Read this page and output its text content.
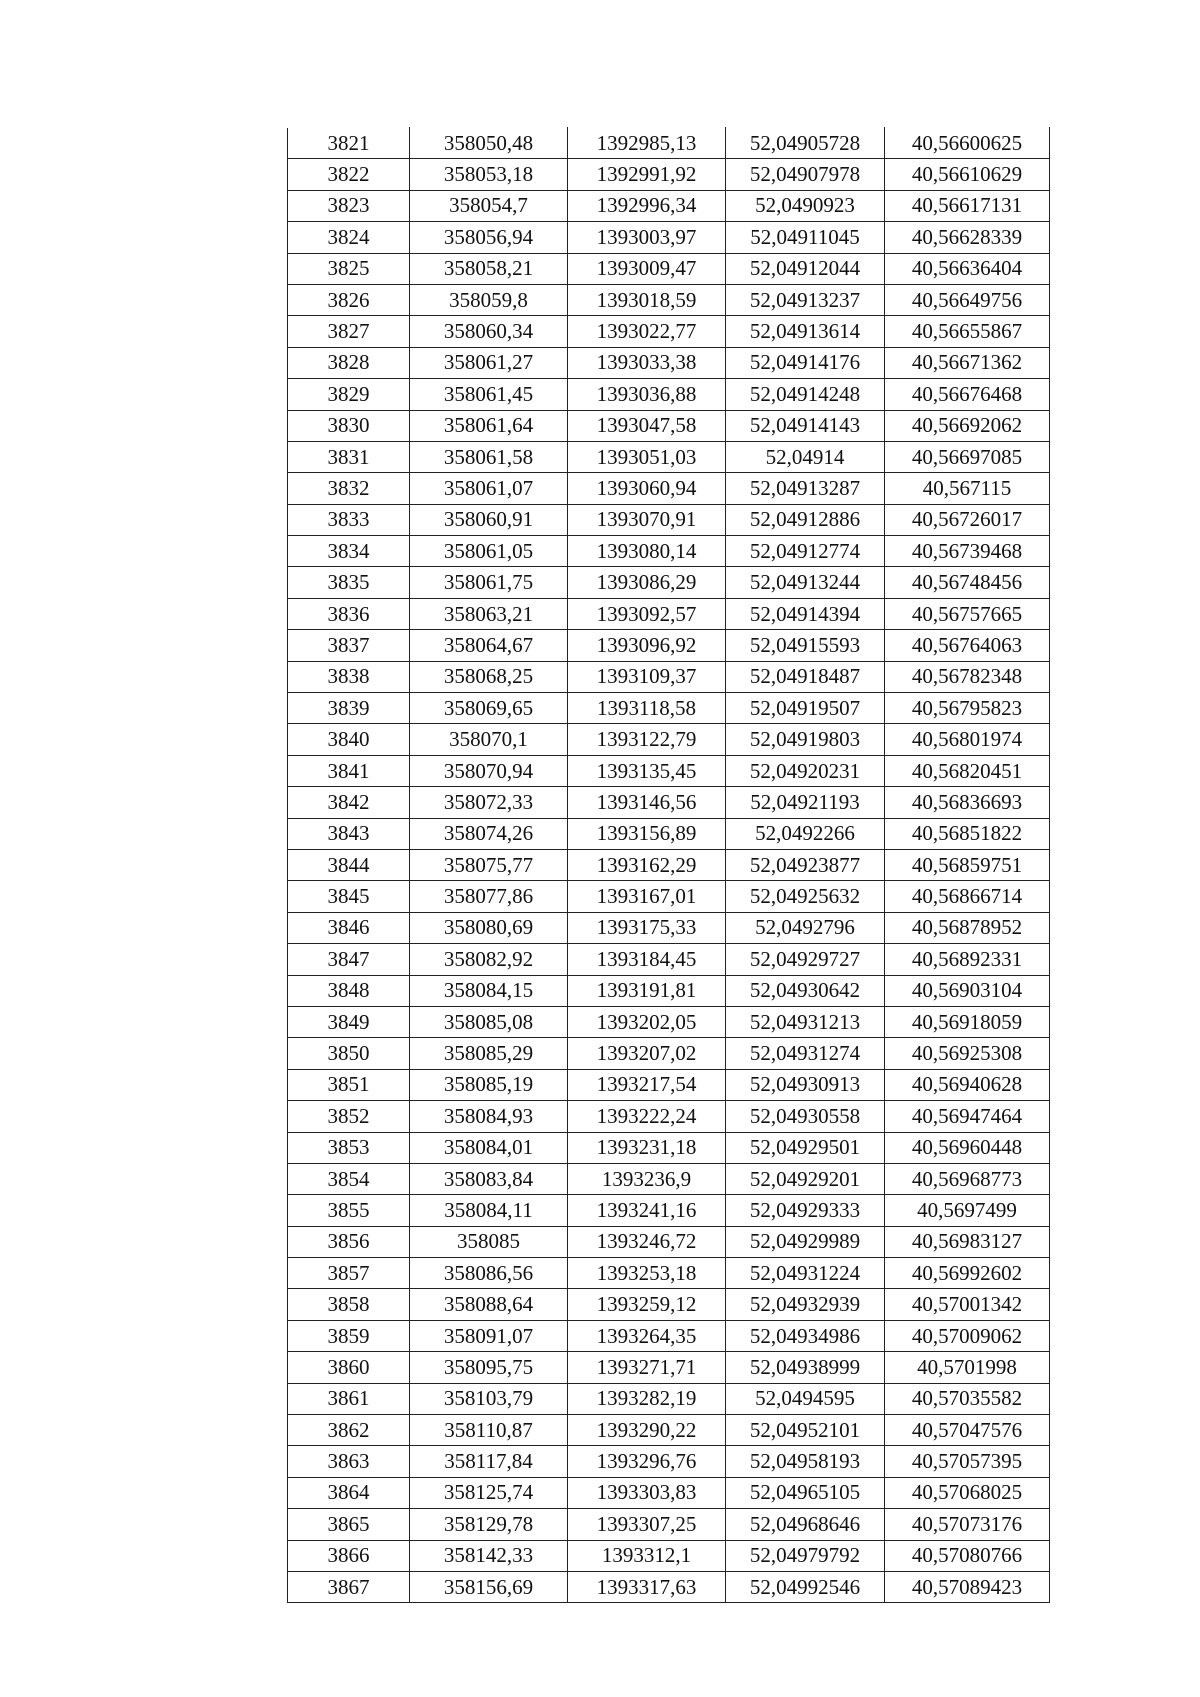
3821	358050,48	1392985,13	52,04905728	40,56600625
3822	358053,18	1392991,92	52,04907978	40,56610629
3823	358054,7	1392996,34	52,0490923	40,56617131
3824	358056,94	1393003,97	52,04911045	40,56628339
3825	358058,21	1393009,47	52,04912044	40,56636404
3826	358059,8	1393018,59	52,04913237	40,56649756
3827	358060,34	1393022,77	52,04913614	40,56655867
3828	358061,27	1393033,38	52,04914176	40,56671362
3829	358061,45	1393036,88	52,04914248	40,56676468
3830	358061,64	1393047,58	52,04914143	40,56692062
3831	358061,58	1393051,03	52,04914	40,56697085
3832	358061,07	1393060,94	52,04913287	40,567115
3833	358060,91	1393070,91	52,04912886	40,56726017
3834	358061,05	1393080,14	52,04912774	40,56739468
3835	358061,75	1393086,29	52,04913244	40,56748456
3836	358063,21	1393092,57	52,04914394	40,56757665
3837	358064,67	1393096,92	52,04915593	40,56764063
3838	358068,25	1393109,37	52,04918487	40,56782348
3839	358069,65	1393118,58	52,04919507	40,56795823
3840	358070,1	1393122,79	52,04919803	40,56801974
3841	358070,94	1393135,45	52,04920231	40,56820451
3842	358072,33	1393146,56	52,04921193	40,56836693
3843	358074,26	1393156,89	52,0492266	40,56851822
3844	358075,77	1393162,29	52,04923877	40,56859751
3845	358077,86	1393167,01	52,04925632	40,56866714
3846	358080,69	1393175,33	52,0492796	40,56878952
3847	358082,92	1393184,45	52,04929727	40,56892331
3848	358084,15	1393191,81	52,04930642	40,56903104
3849	358085,08	1393202,05	52,04931213	40,56918059
3850	358085,29	1393207,02	52,04931274	40,56925308
3851	358085,19	1393217,54	52,04930913	40,56940628
3852	358084,93	1393222,24	52,04930558	40,56947464
3853	358084,01	1393231,18	52,04929501	40,56960448
3854	358083,84	1393236,9	52,04929201	40,56968773
3855	358084,11	1393241,16	52,04929333	40,5697499
3856	358085	1393246,72	52,04929989	40,56983127
3857	358086,56	1393253,18	52,04931224	40,56992602
3858	358088,64	1393259,12	52,04932939	40,57001342
3859	358091,07	1393264,35	52,04934986	40,57009062
3860	358095,75	1393271,71	52,04938999	40,5701998
3861	358103,79	1393282,19	52,0494595	40,57035582
3862	358110,87	1393290,22	52,04952101	40,57047576
3863	358117,84	1393296,76	52,04958193	40,57057395
3864	358125,74	1393303,83	52,04965105	40,57068025
3865	358129,78	1393307,25	52,04968646	40,57073176
3866	358142,33	1393312,1	52,04979792	40,57080766
3867	358156,69	1393317,63	52,04992546	40,57089423
